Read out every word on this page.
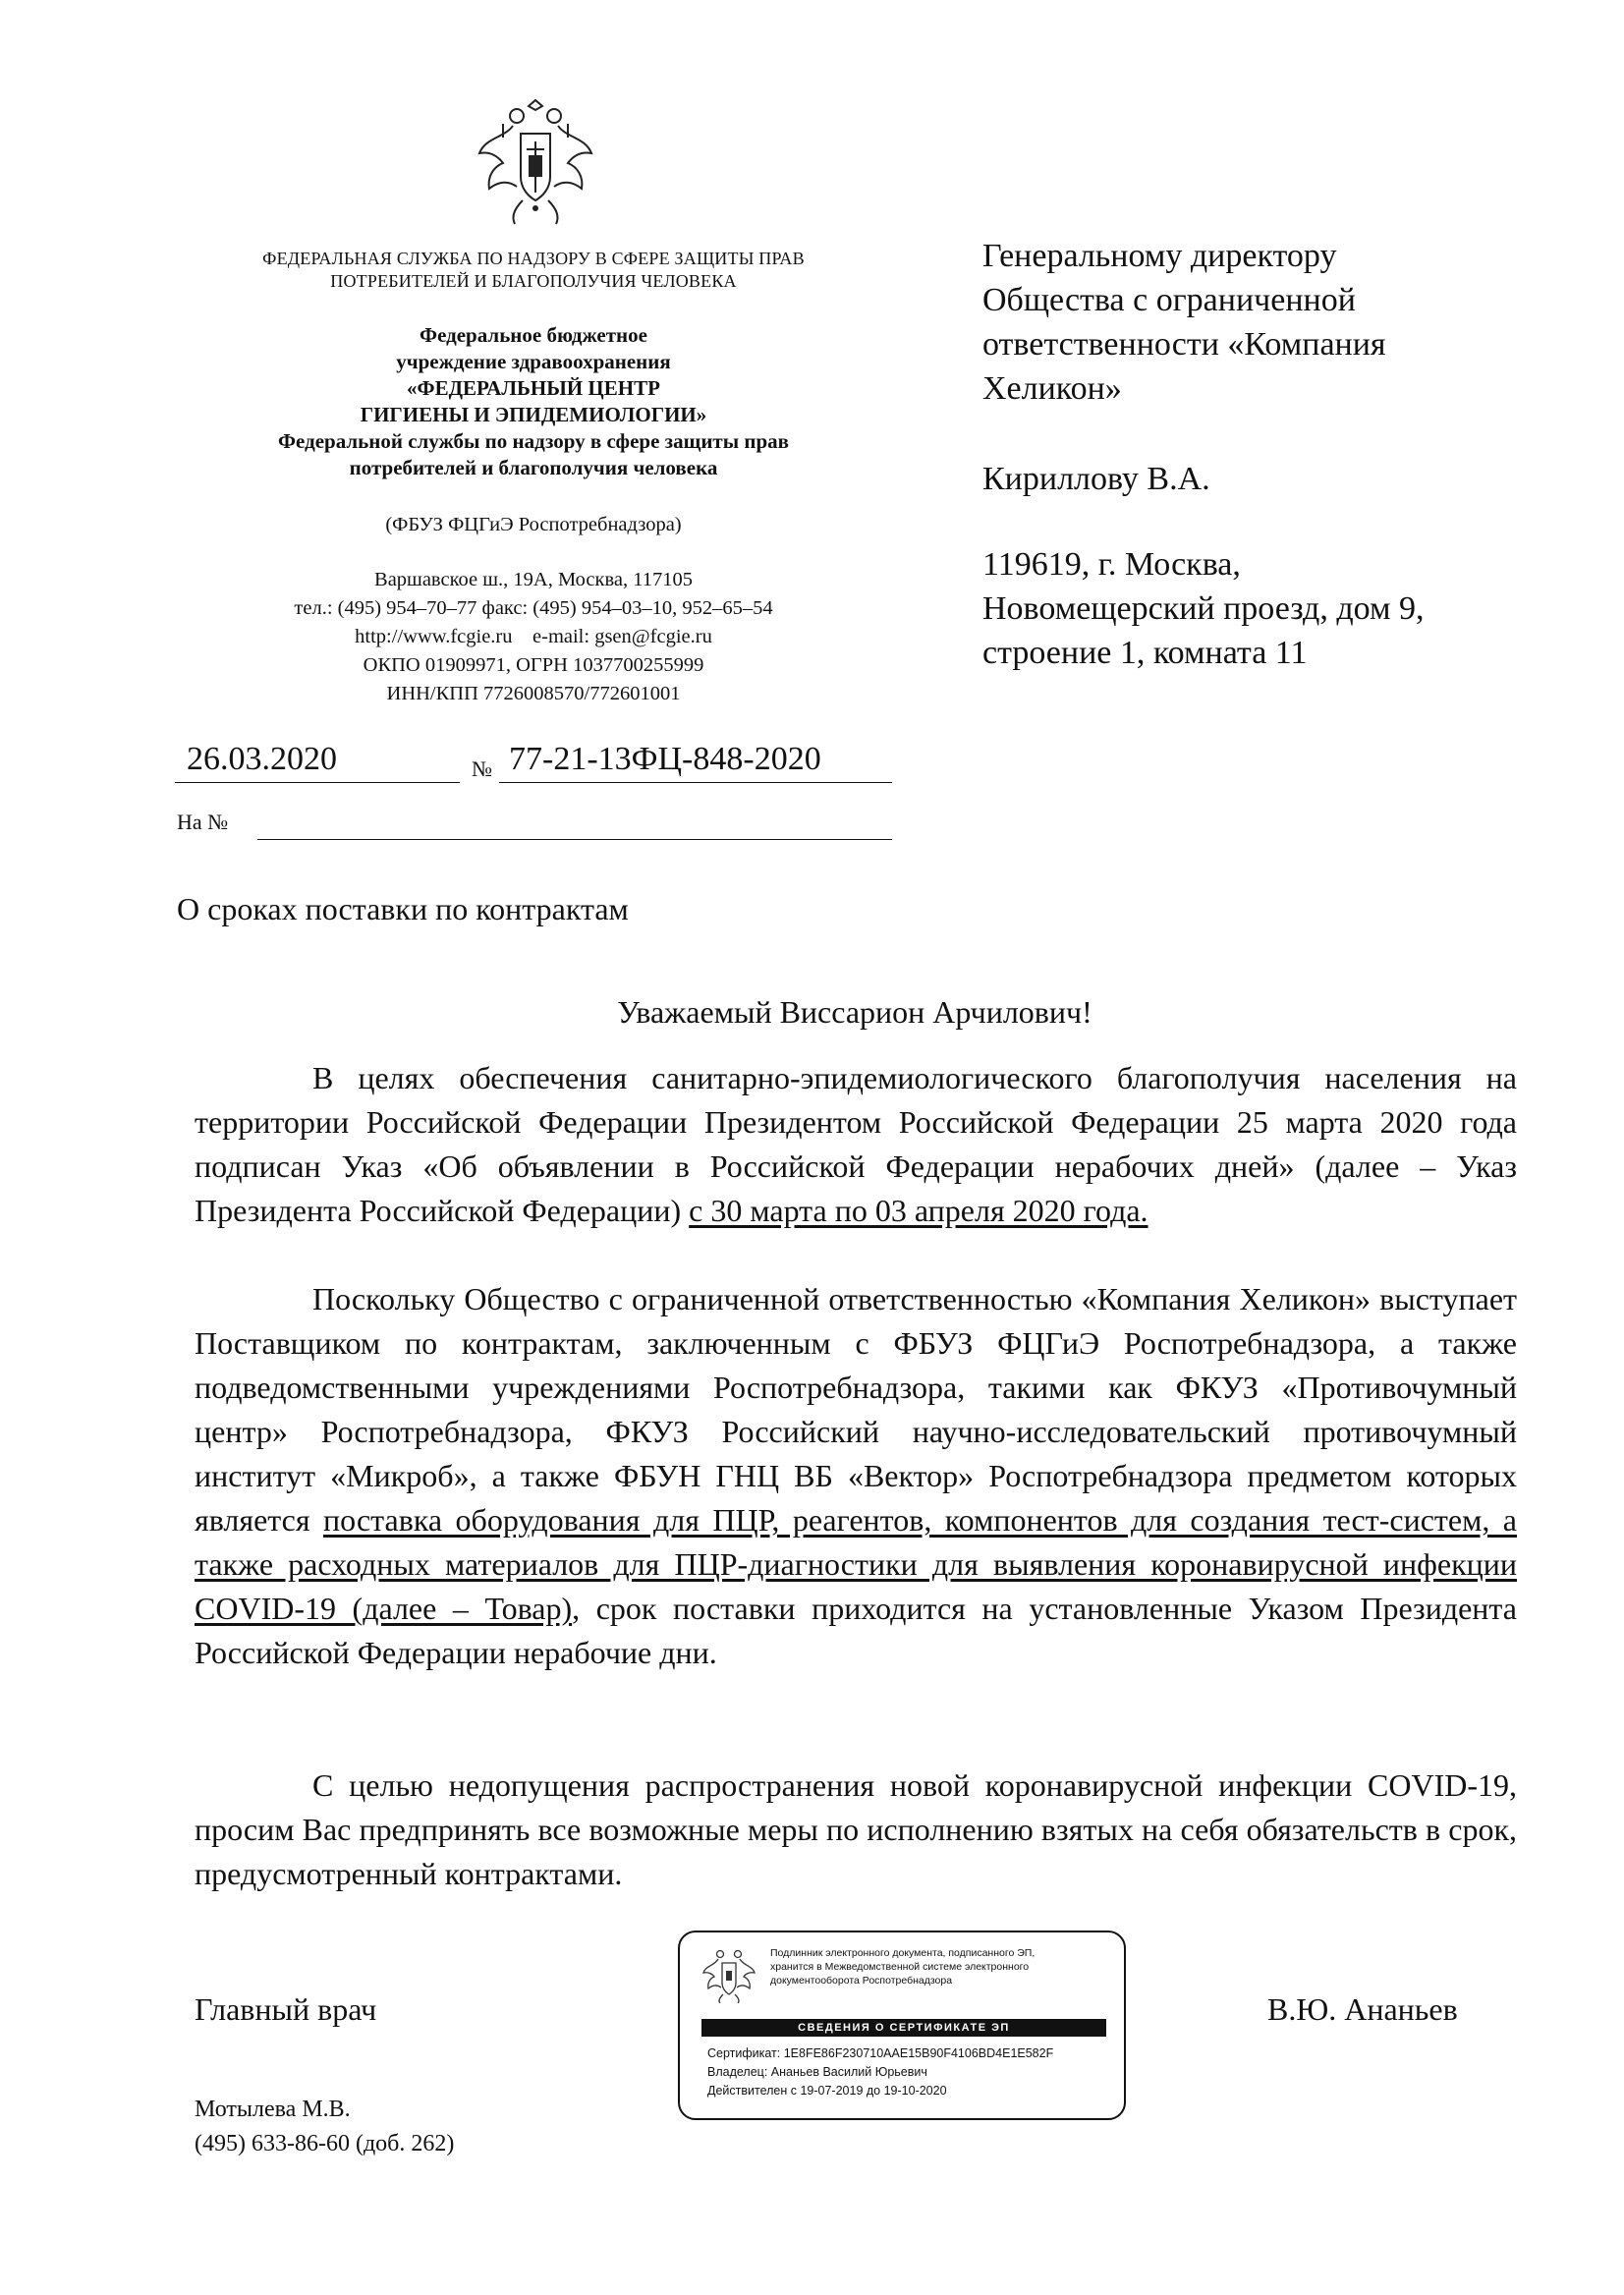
ФЕДЕРАЛЬНАЯ СЛУЖБА ПО НАДЗОРУ В СФЕРЕ ЗАЩИТЫ ПРАВ
ПОТРЕБИТЕЛЕЙ И БЛАГОПОЛУЧИЯ ЧЕЛОВЕКА
Федеральное бюджетное
учреждение здравоохранения
«ФЕДЕРАЛЬНЫЙ ЦЕНТР
ГИГИЕНЫ И ЭПИДЕМИОЛОГИИ»
Федеральной службы по надзору в сфере защиты прав
потребителей и благополучия человека
(ФБУЗ ФЦГиЭ Роспотребнадзора)
Варшавское ш., 19А, Москва, 117105
тел.: (495) 954–70–77 факс: (495) 954–03–10, 952–65–54
http://www.fcgie.ru e-mail: gsen@fcgie.ru
ОКПО 01909971, ОГРН 1037700255999
ИНН/КПП 7726008570/772601001
26.03.2020	№ 77-21-13ФЦ-848-2020
На №
Генеральному директору
Общества с ограниченной
ответственности «Компания
Хеликон»
Кириллову В.А.
119619, г. Москва,
Новомещерский проезд, дом 9,
строение 1, комната 11
О сроках поставки по контрактам
Уважаемый Виссарион Арчилович!
В целях обеспечения санитарно-эпидемиологического благополучия населения на территории Российской Федерации Президентом Российской Федерации 25 марта 2020 года подписан Указ «Об объявлении в Российской Федерации нерабочих дней» (далее – Указ Президента Российской Федерации) с 30 марта по 03 апреля 2020 года.
Поскольку Общество с ограниченной ответственностью «Компания Хеликон» выступает Поставщиком по контрактам, заключенным с ФБУЗ ФЦГиЭ Роспотребнадзора, а также подведомственными учреждениями Роспотребнадзора, такими как ФКУЗ «Противочумный центр» Роспотребнадзора, ФКУЗ Российский научно-исследовательский противочумный институт «Микроб», а также ФБУН ГНЦ ВБ «Вектор» Роспотребнадзора предметом которых является поставка оборудования для ПЦР, реагентов, компонентов для создания тест-систем, а также расходных материалов для ПЦР-диагностики для выявления коронавирусной инфекции COVID-19 (далее – Товар), срок поставки приходится на установленные Указом Президента Российской Федерации нерабочие дни.
С целью недопущения распространения новой коронавирусной инфекции COVID-19, просим Вас предпринять все возможные меры по исполнению взятых на себя обязательств в срок, предусмотренный контрактами.
Главный врач	В.Ю. Ананьев
Подлинник электронного документа, подписанного ЭП,
хранится в Межведомственной системе электронного
документооборота Роспотребнадзора
СВЕДЕНИЯ О СЕРТИФИКАТЕ ЭП
Сертификат: 1E8FE86F230710AAE15B90F4106BD4E1E582F
Владелец: Ананьев Василий Юрьевич
Действителен с 19-07-2019 до 19-10-2020
Мотылева М.В.
(495) 633-86-60 (доб. 262)
